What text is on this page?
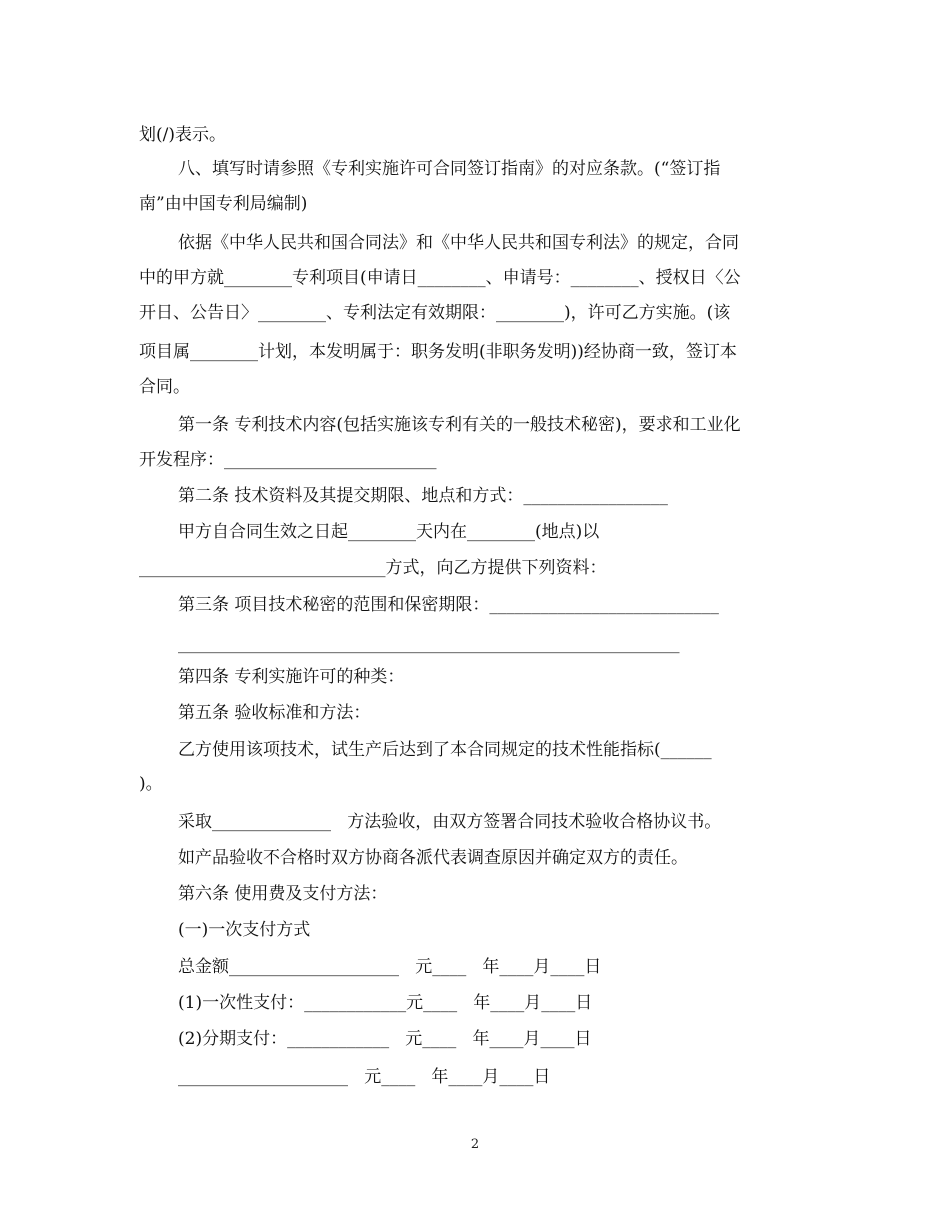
划(/)表示。
八、填写时请参照《专利实施许可合同签订指南》的对应条款。(“签订指
南”由中国专利局编制)
依据《中华人民共和国合同法》和《中华人民共和国专利法》的规定，合同
中的甲方就________专利项目(申请日________、申请号：________、授权日〈公
开日、公告日〉________、专利法定有效期限：________)，许可乙方实施。(该
项目属________计划，本发明属于：职务发明(非职务发明))经协商一致，签订本
合同。
第一条 专利技术内容(包括实施该专利有关的一般技术秘密)，要求和工业化
开发程序：_________________________
第二条 技术资料及其提交期限、地点和方式：_________________
甲方自合同生效之日起________天内在________(地点)以
_____________________________方式，向乙方提供下列资料：
第三条 项目技术秘密的范围和保密期限：___________________________
___________________________________________________________
第四条 专利实施许可的种类：
第五条 验收标准和方法：
乙方使用该项技术，试生产后达到了本合同规定的技术性能指标(______
)。
采取______________   方法验收，由双方签署合同技术验收合格协议书。
如产品验收不合格时双方协商各派代表调查原因并确定双方的责任。
第六条 使用费及支付方法：
(一)一次支付方式
总金额____________________   元____   年____月____日
(1)一次性支付：____________元____   年____月____日
(2)分期支付：____________   元____   年____月____日
____________________   元____   年____月____日
2
